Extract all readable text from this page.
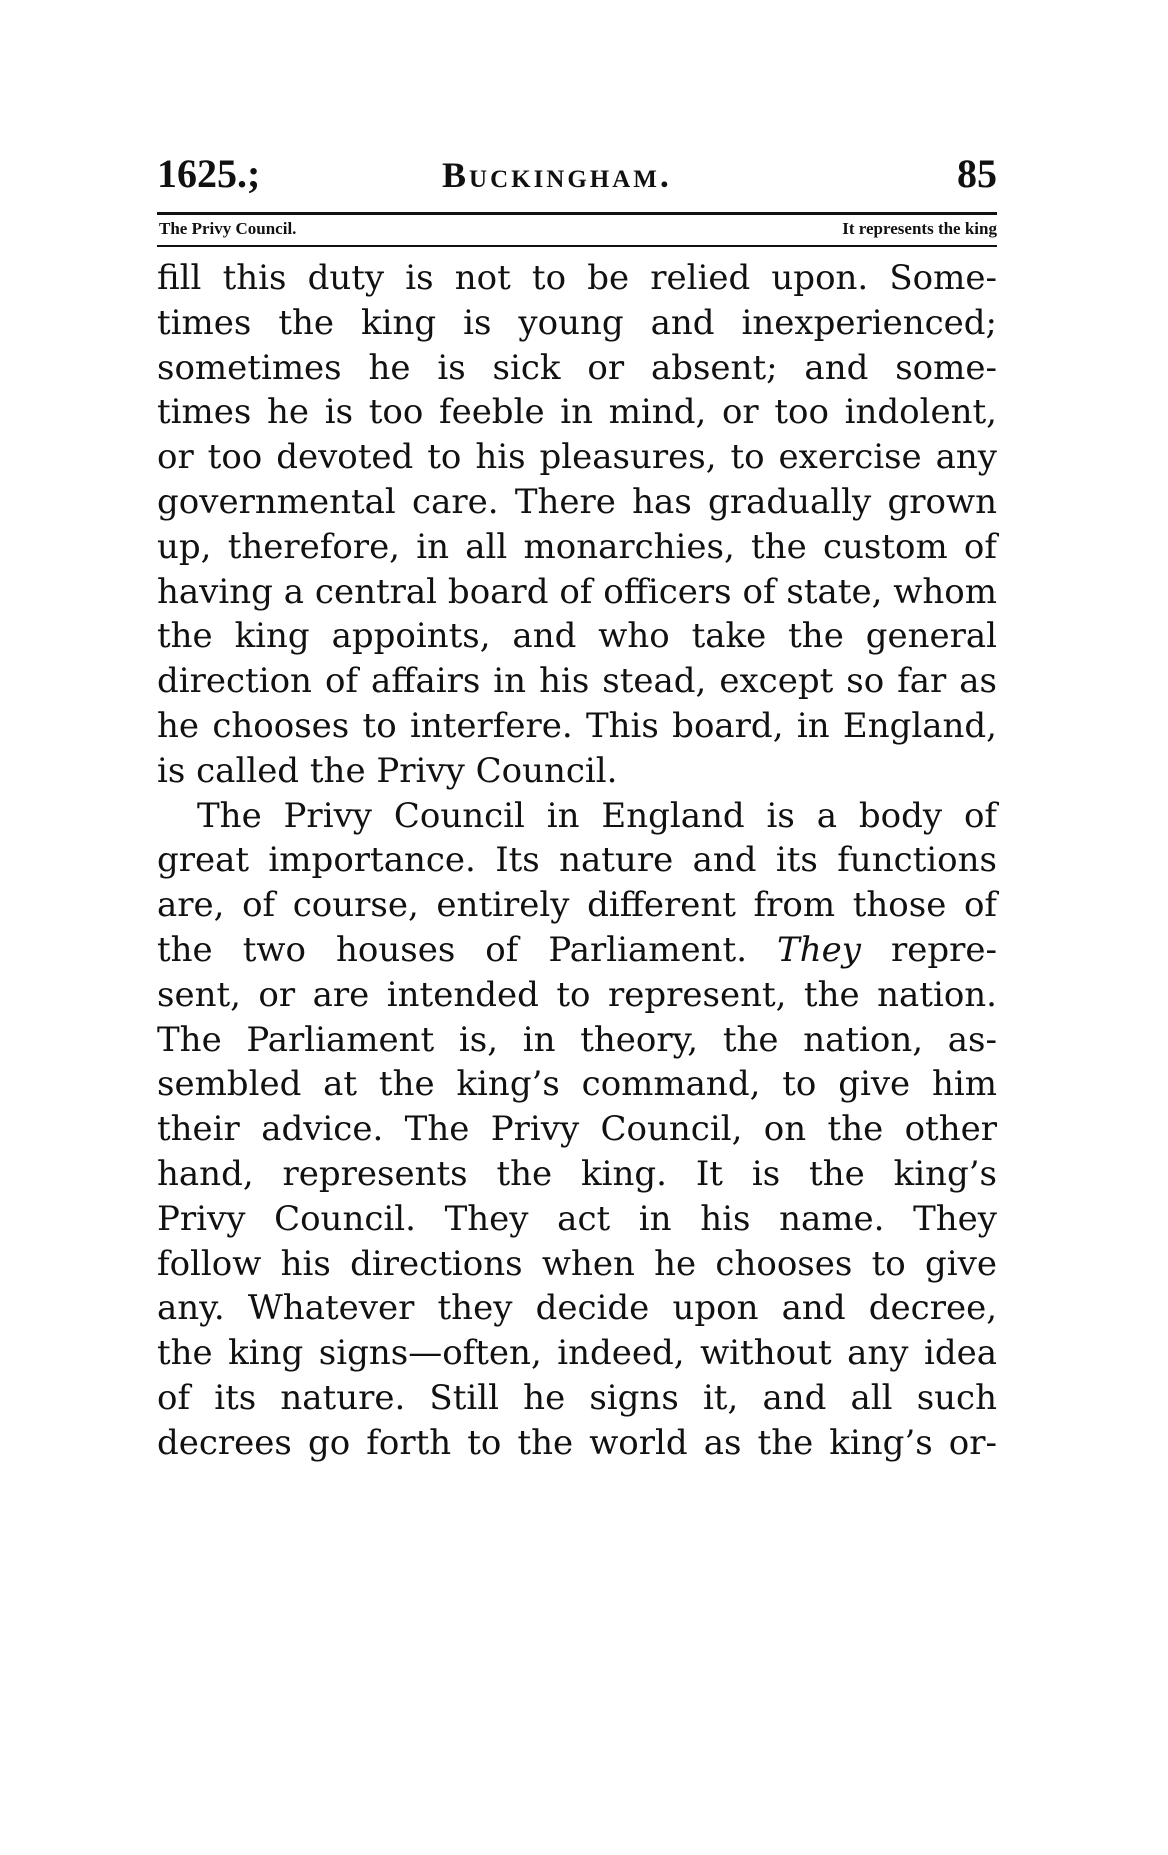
1625.;	Buckingham.	85
The Privy Council.	It represents the king
fill this duty is not to be relied upon. Some-
times the king is young and inexperienced;
sometimes he is sick or absent; and some-
times he is too feeble in mind, or too indolent,
or too devoted to his pleasures, to exercise any
governmental care. There has gradually grown
up, therefore, in all monarchies, the custom of
having a central board of officers of state, whom
the king appoints, and who take the general
direction of affairs in his stead, except so far as
he chooses to interfere. This board, in England,
is called the Privy Council.
The Privy Council in England is a body of
great importance. Its nature and its functions
are, of course, entirely different from those of
the two houses of Parliament. They repre-
sent, or are intended to represent, the nation.
The Parliament is, in theory, the nation, as-
sembled at the king’s command, to give him
their advice. The Privy Council, on the other
hand, represents the king. It is the king’s
Privy Council. They act in his name. They
follow his directions when he chooses to give
any. Whatever they decide upon and decree,
the king signs—often, indeed, without any idea
of its nature. Still he signs it, and all such
decrees go forth to the world as the king’s or-
